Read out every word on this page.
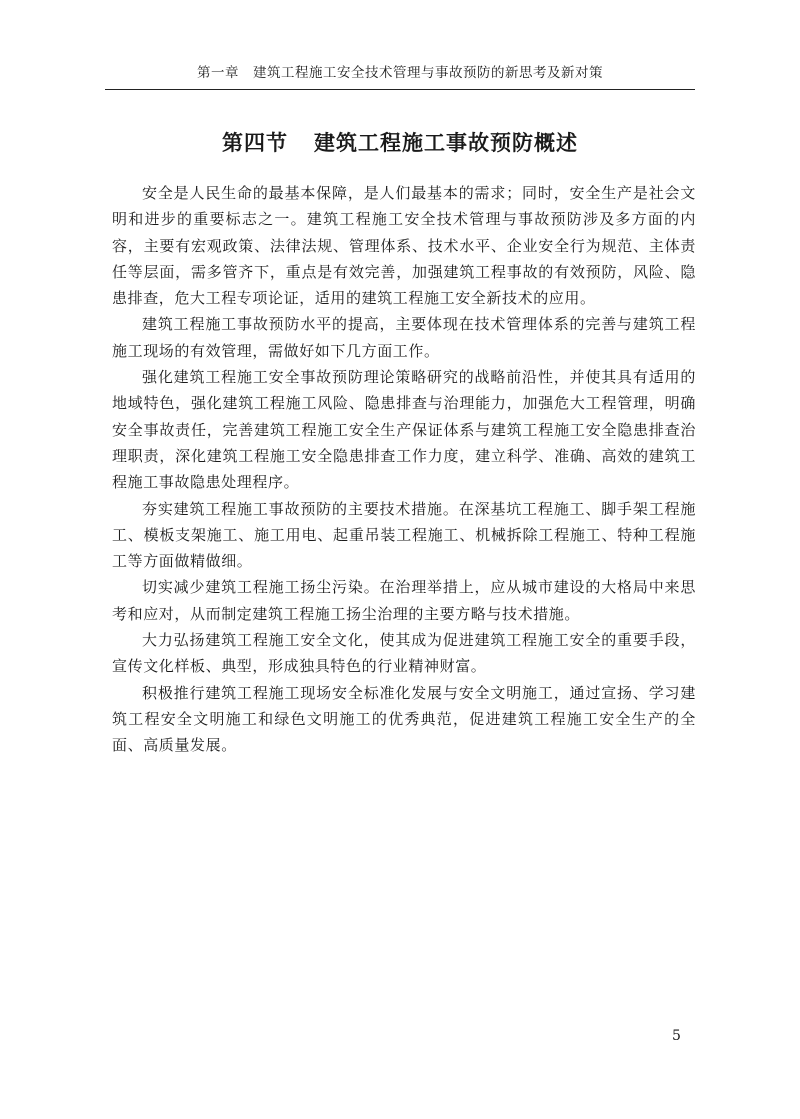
第一章　建筑工程施工安全技术管理与事故预防的新思考及新对策
第四节 建筑工程施工事故预防概述

安全是人民生命的最基本保障，是人们最基本的需求；同时，安全生产是社会文明和进步的重要标志之一。建筑工程施工安全技术管理与事故预防涉及多方面的内容，主要有宏观政策、法律法规、管理体系、技术水平、企业安全行为规范、主体责任等层面，需多管齐下，重点是有效完善，加强建筑工程事故的有效预防，风险、隐患排查，危大工程专项论证，适用的建筑工程施工安全新技术的应用。

建筑工程施工事故预防水平的提高，主要体现在技术管理体系的完善与建筑工程施工现场的有效管理，需做好如下几方面工作。

强化建筑工程施工安全事故预防理论策略研究的战略前沿性，并使其具有适用的地域特色，强化建筑工程施工风险、隐患排查与治理能力，加强危大工程管理，明确安全事故责任，完善建筑工程施工安全生产保证体系与建筑工程施工安全隐患排查治理职责，深化建筑工程施工安全隐患排查工作力度，建立科学、准确、高效的建筑工程施工事故隐患处理程序。

夯实建筑工程施工事故预防的主要技术措施。在深基坑工程施工、脚手架工程施工、模板支架施工、施工用电、起重吊装工程施工、机械拆除工程施工、特种工程施工等方面做精做细。

切实减少建筑工程施工扬尘污染。在治理举措上，应从城市建设的大格局中来思考和应对，从而制定建筑工程施工扬尘治理的主要方略与技术措施。

大力弘扬建筑工程施工安全文化，使其成为促进建筑工程施工安全的重要手段，宣传文化样板、典型，形成独具特色的行业精神财富。

积极推行建筑工程施工现场安全标准化发展与安全文明施工，通过宣扬、学习建筑工程安全文明施工和绿色文明施工的优秀典范，促进建筑工程施工安全生产的全面、高质量发展。

5
